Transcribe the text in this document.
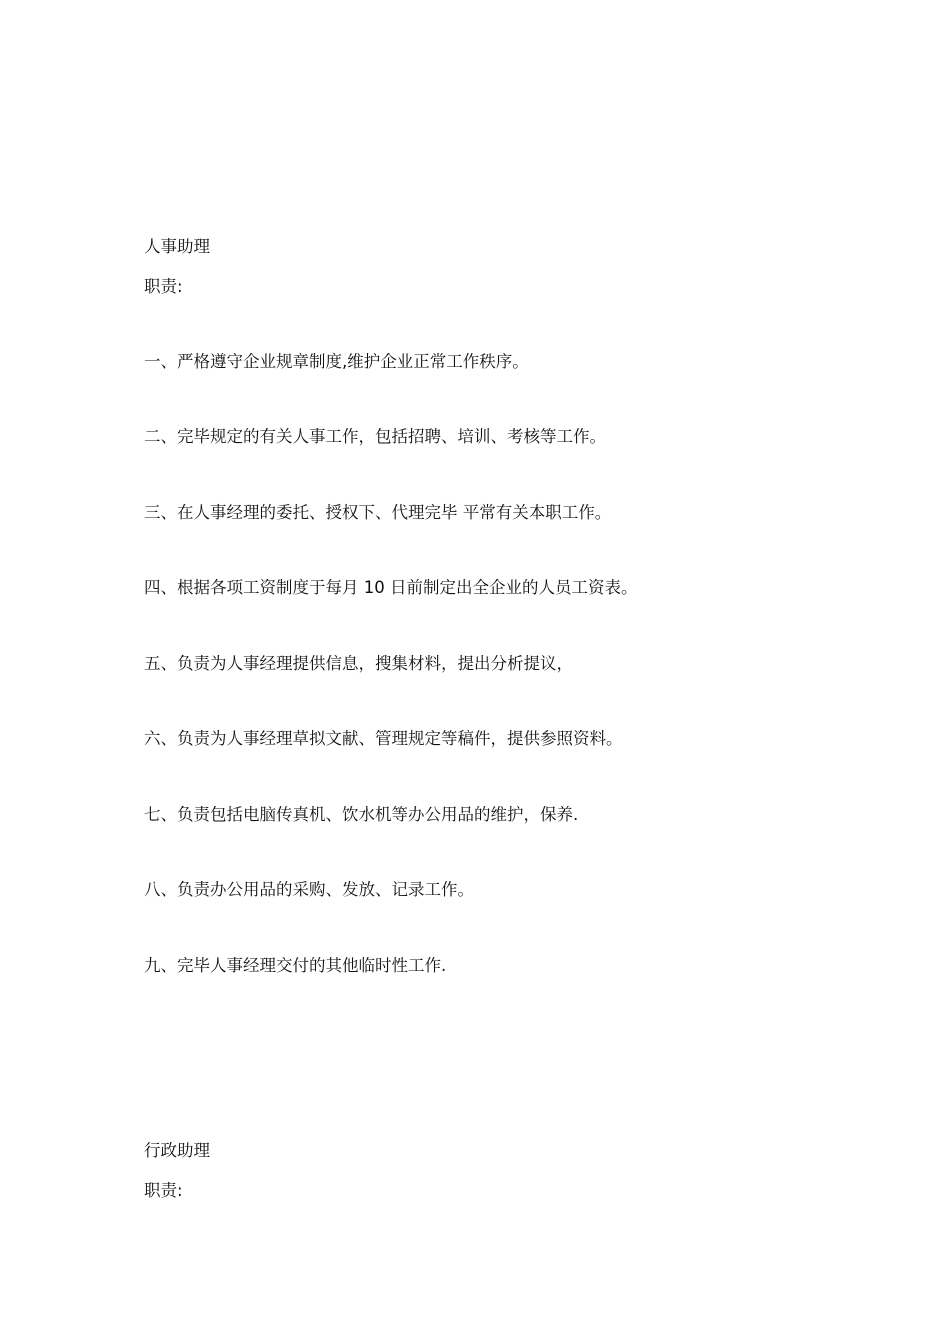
人事助理
职责:
一、严格遵守企业规章制度,维护企业正常工作秩序。
二、完毕规定的有关人事工作，包括招聘、培训、考核等工作。
三、在人事经理的委托、授权下、代理完毕 平常有关本职工作。
四、根据各项工资制度于每月 10 日前制定出全企业的人员工资表。
五、负责为人事经理提供信息，搜集材料，提出分析提议，
六、负责为人事经理草拟文献、管理规定等稿件，提供参照资料。
七、负责包括电脑传真机、饮水机等办公用品的维护，保养.
八、负责办公用品的采购、发放、记录工作。
九、完毕人事经理交付的其他临时性工作.
行政助理
职责:
